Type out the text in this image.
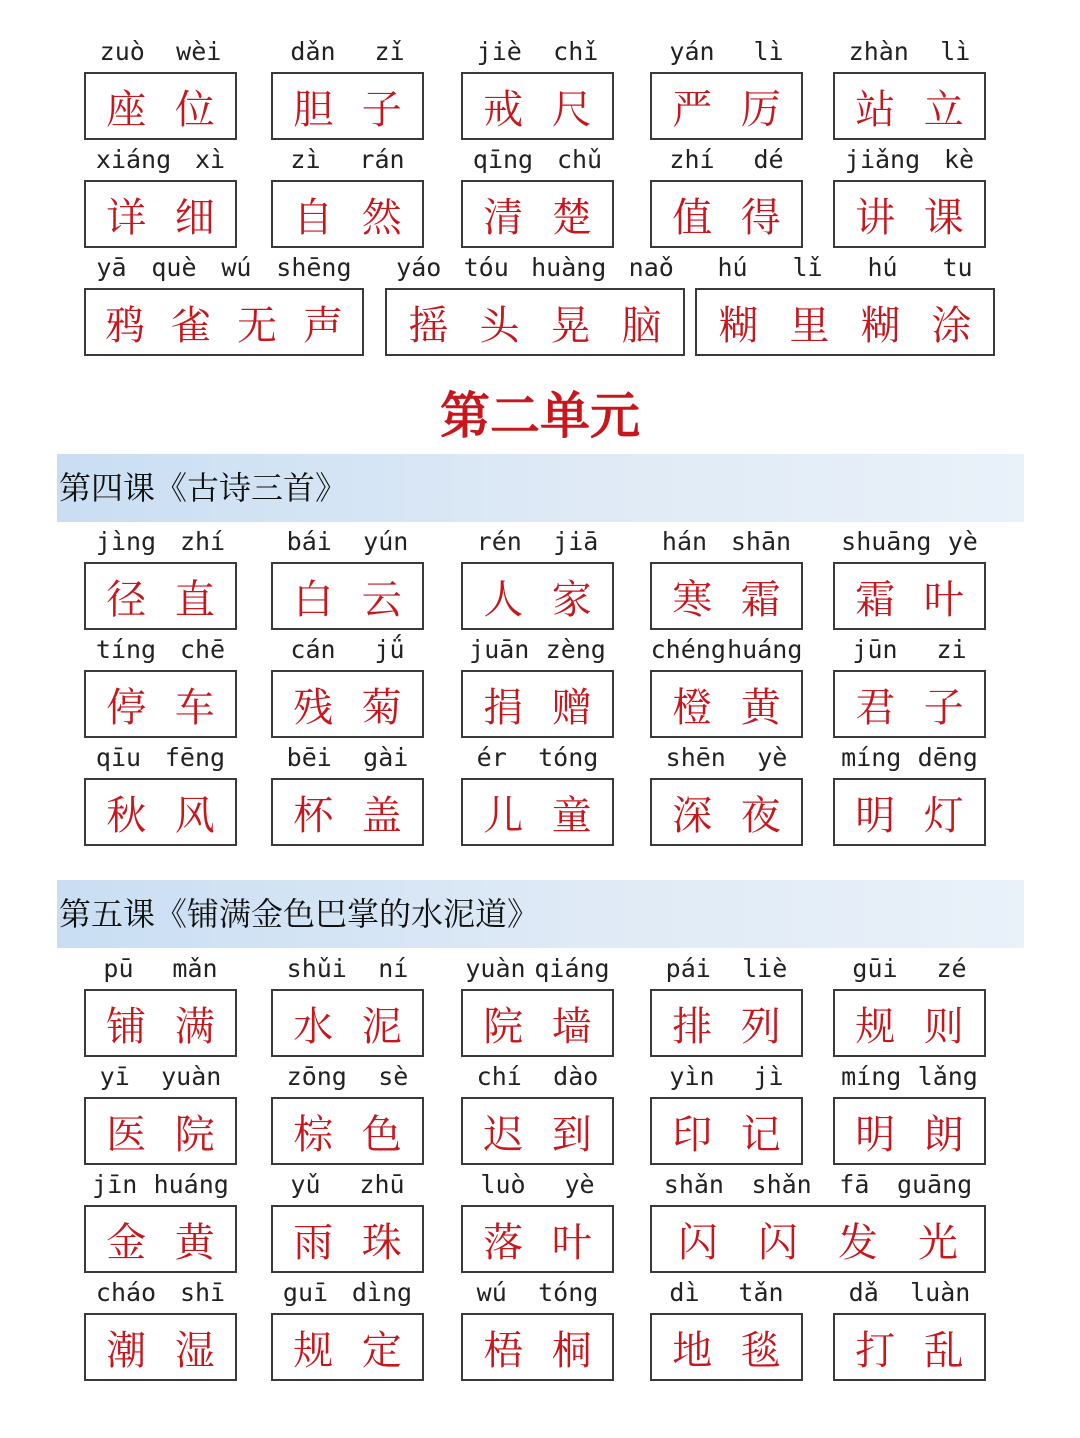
第二单元
第四课《古诗三首》
第五课《铺满金色巴掌的水泥道》
zuò wèi
座 位
dǎn zǐ
胆 子
jiè chǐ
戒 尺
yán lì
严 厉
zhàn lì
站 立
xiáng xì
详 细
zì rán
自 然
qīng chǔ
清 楚
zhí dé
值 得
jiǎng kè
讲 课
yā què wú shēng
鸦 雀 无 声
yáo tóu huàng naǒ
摇 头 晃 脑
hú lǐ hú tu
糊 里 糊 涂
jìng zhí
径 直
bái yún
白 云
rén jiā
人 家
hán shān
寒 霜
shuāng yè
霜 叶
tíng chē
停 车
cán jǘ
残 菊
juān zèng
捐 赠
chéng huáng
橙 黄
jūn zi
君 子
qīu fēng
秋 风
bēi gài
杯 盖
ér tóng
儿 童
shēn yè
深 夜
míng dēng
明 灯
pū mǎn
铺 满
shǔi ní
水 泥
yuàn qiáng
院 墙
pái liè
排 列
gūi zé
规 则
yī yuàn
医 院
zōng sè
棕 色
chí dào
迟 到
yìn jì
印 记
míng lǎng
明 朗
jīn huáng
金 黄
yǔ zhū
雨 珠
luò yè
落 叶
shǎn shǎn fā guāng
闪 闪 发 光
cháo shī
潮 湿
guī dìng
规 定
wú tóng
梧 桐
dì tǎn
地 毯
dǎ luàn
打 乱
